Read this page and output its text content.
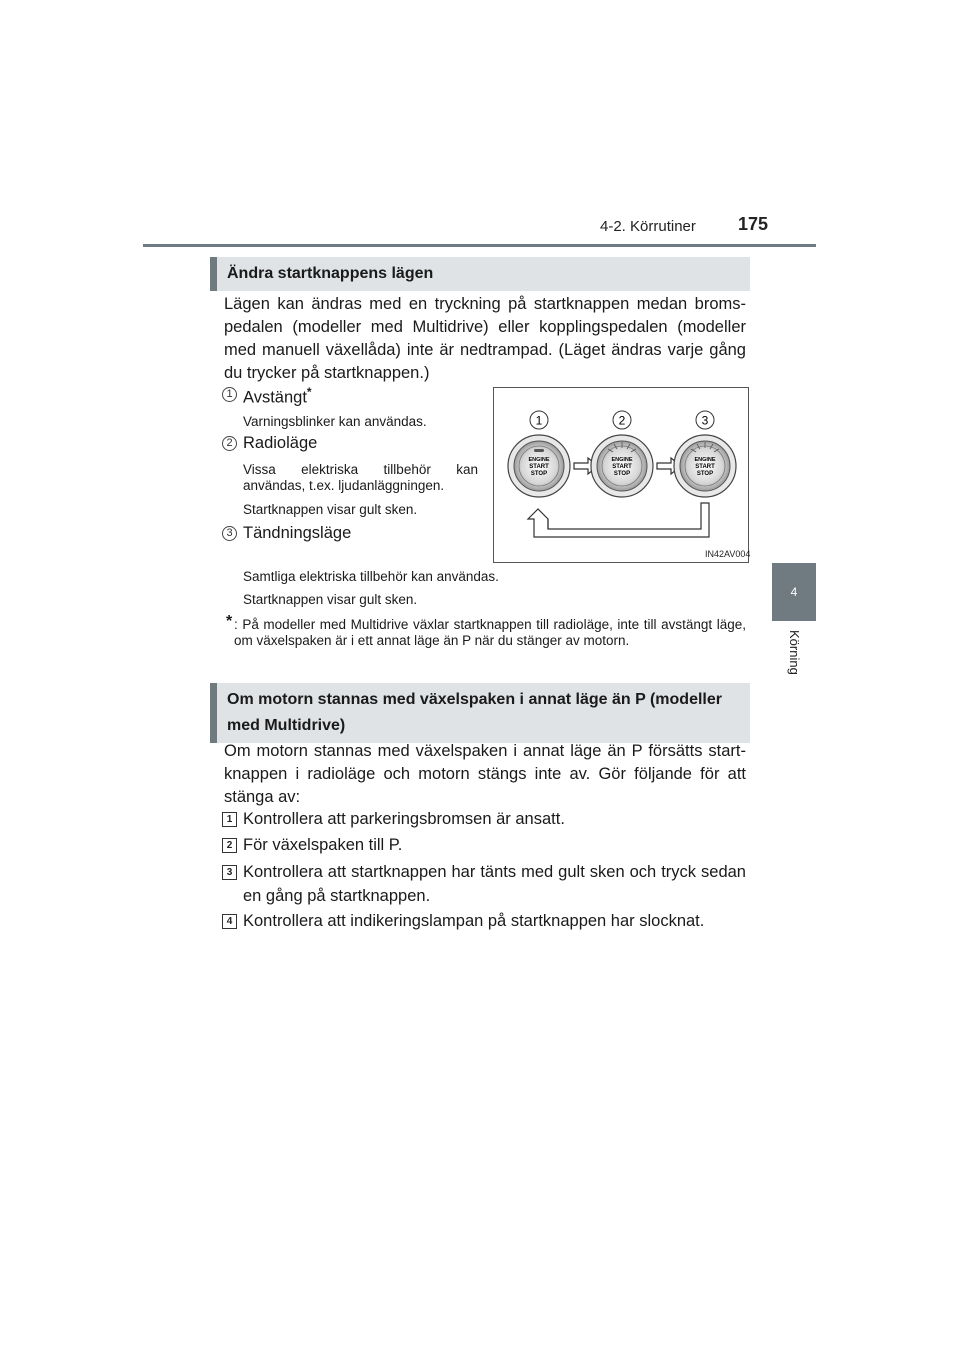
4-2. Körrutiner 175
4
Körning
Ändra startknappens lägen
Lägen kan ändras med en tryckning på startknappen medan broms- pedalen (modeller med Multidrive) eller kopplingspedalen (modeller med manuell växellåda) inte är nedtrampad. (Läget ändras varje gång du trycker på startknappen.)
1 Avstängt*
Varningsblinker kan användas.
2 Radioläge
Vissa elektriska tillbehör kan användas, t.ex. ljudanläggningen.
Startknappen visar gult sken.
3 Tändningsläge
Samtliga elektriska tillbehör kan användas.
Startknappen visar gult sken.
* : På modeller med Multidrive växlar startknappen till radioläge, inte till avstängt läge, om växelspaken är i ett annat läge än P när du stänger av motorn.
1	2	3
ENGINE
START
STOP
ENGINE
START
STOP
ENGINE
START
STOP
IN42AV004
Om motorn stannas med växelspaken i annat läge än P (modeller med Multidrive)
Om motorn stannas med växelspaken i annat läge än P försätts start- knappen i radioläge och motorn stängs inte av. Gör följande för att stänga av:
1 Kontrollera att parkeringsbromsen är ansatt.
2 För växelspaken till P.
3 Kontrollera att startknappen har tänts med gult sken och tryck sedan en gång på startknappen.
4 Kontrollera att indikeringslampan på startknappen har slocknat.
